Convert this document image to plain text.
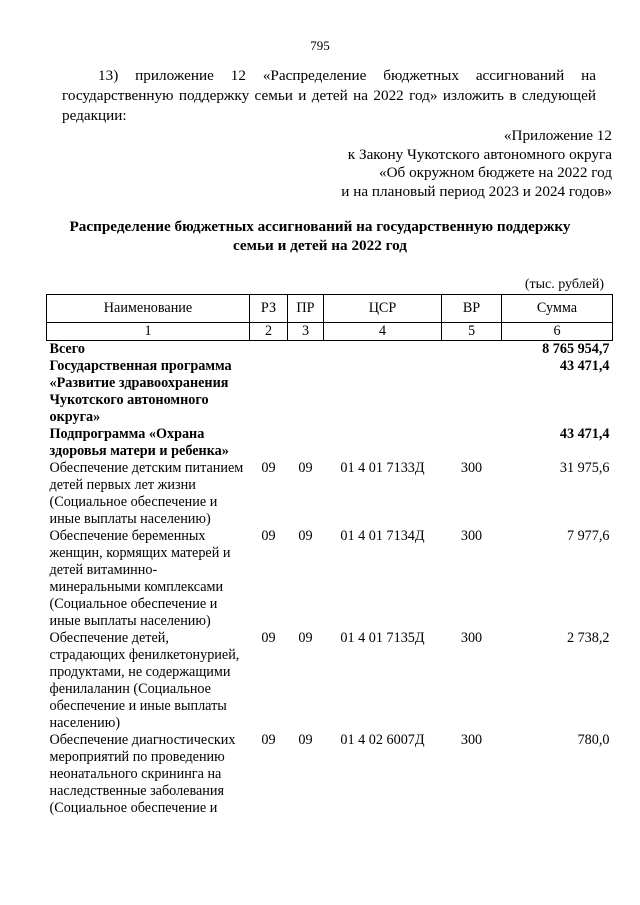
795

13) приложение 12 «Распределение бюджетных ассигнований на государственную поддержку семьи и детей на 2022 год» изложить в следующей редакции:

«Приложение 12
к Закону Чукотского автономного округа
«Об окружном бюджете на 2022 год
и на плановый период 2023 и 2024 годов»
Распределение бюджетных ассигнований на государственную поддержку
семьи и детей на 2022 год
(тыс. рублей)
Наименование	РЗ	ПР	ЦСР	ВР	Сумма
1	2	3	4	5	6
Всего					8 765 954,7
Государственная программа «Развитие здравоохранения Чукотского автономного округа»					43 471,4
Подпрограмма «Охрана здоровья матери и ребенка»					43 471,4
Обеспечение детским питанием детей первых лет жизни (Социальное обеспечение и иные выплаты населению)	09	09	01 4 01 7133Д	300	31 975,6
Обеспечение беременных женщин, кормящих матерей и детей витаминно-минеральными комплексами (Социальное обеспечение и иные выплаты населению)	09	09	01 4 01 7134Д	300	7 977,6
Обеспечение детей, страдающих фенилкетонурией, продуктами, не содержащими фенилаланин (Социальное обеспечение и иные выплаты населению)	09	09	01 4 01 7135Д	300	2 738,2
Обеспечение диагностических мероприятий по проведению неонатального скрининга на наследственные заболевания (Социальное обеспечение и	09	09	01 4 02 6007Д	300	780,0
